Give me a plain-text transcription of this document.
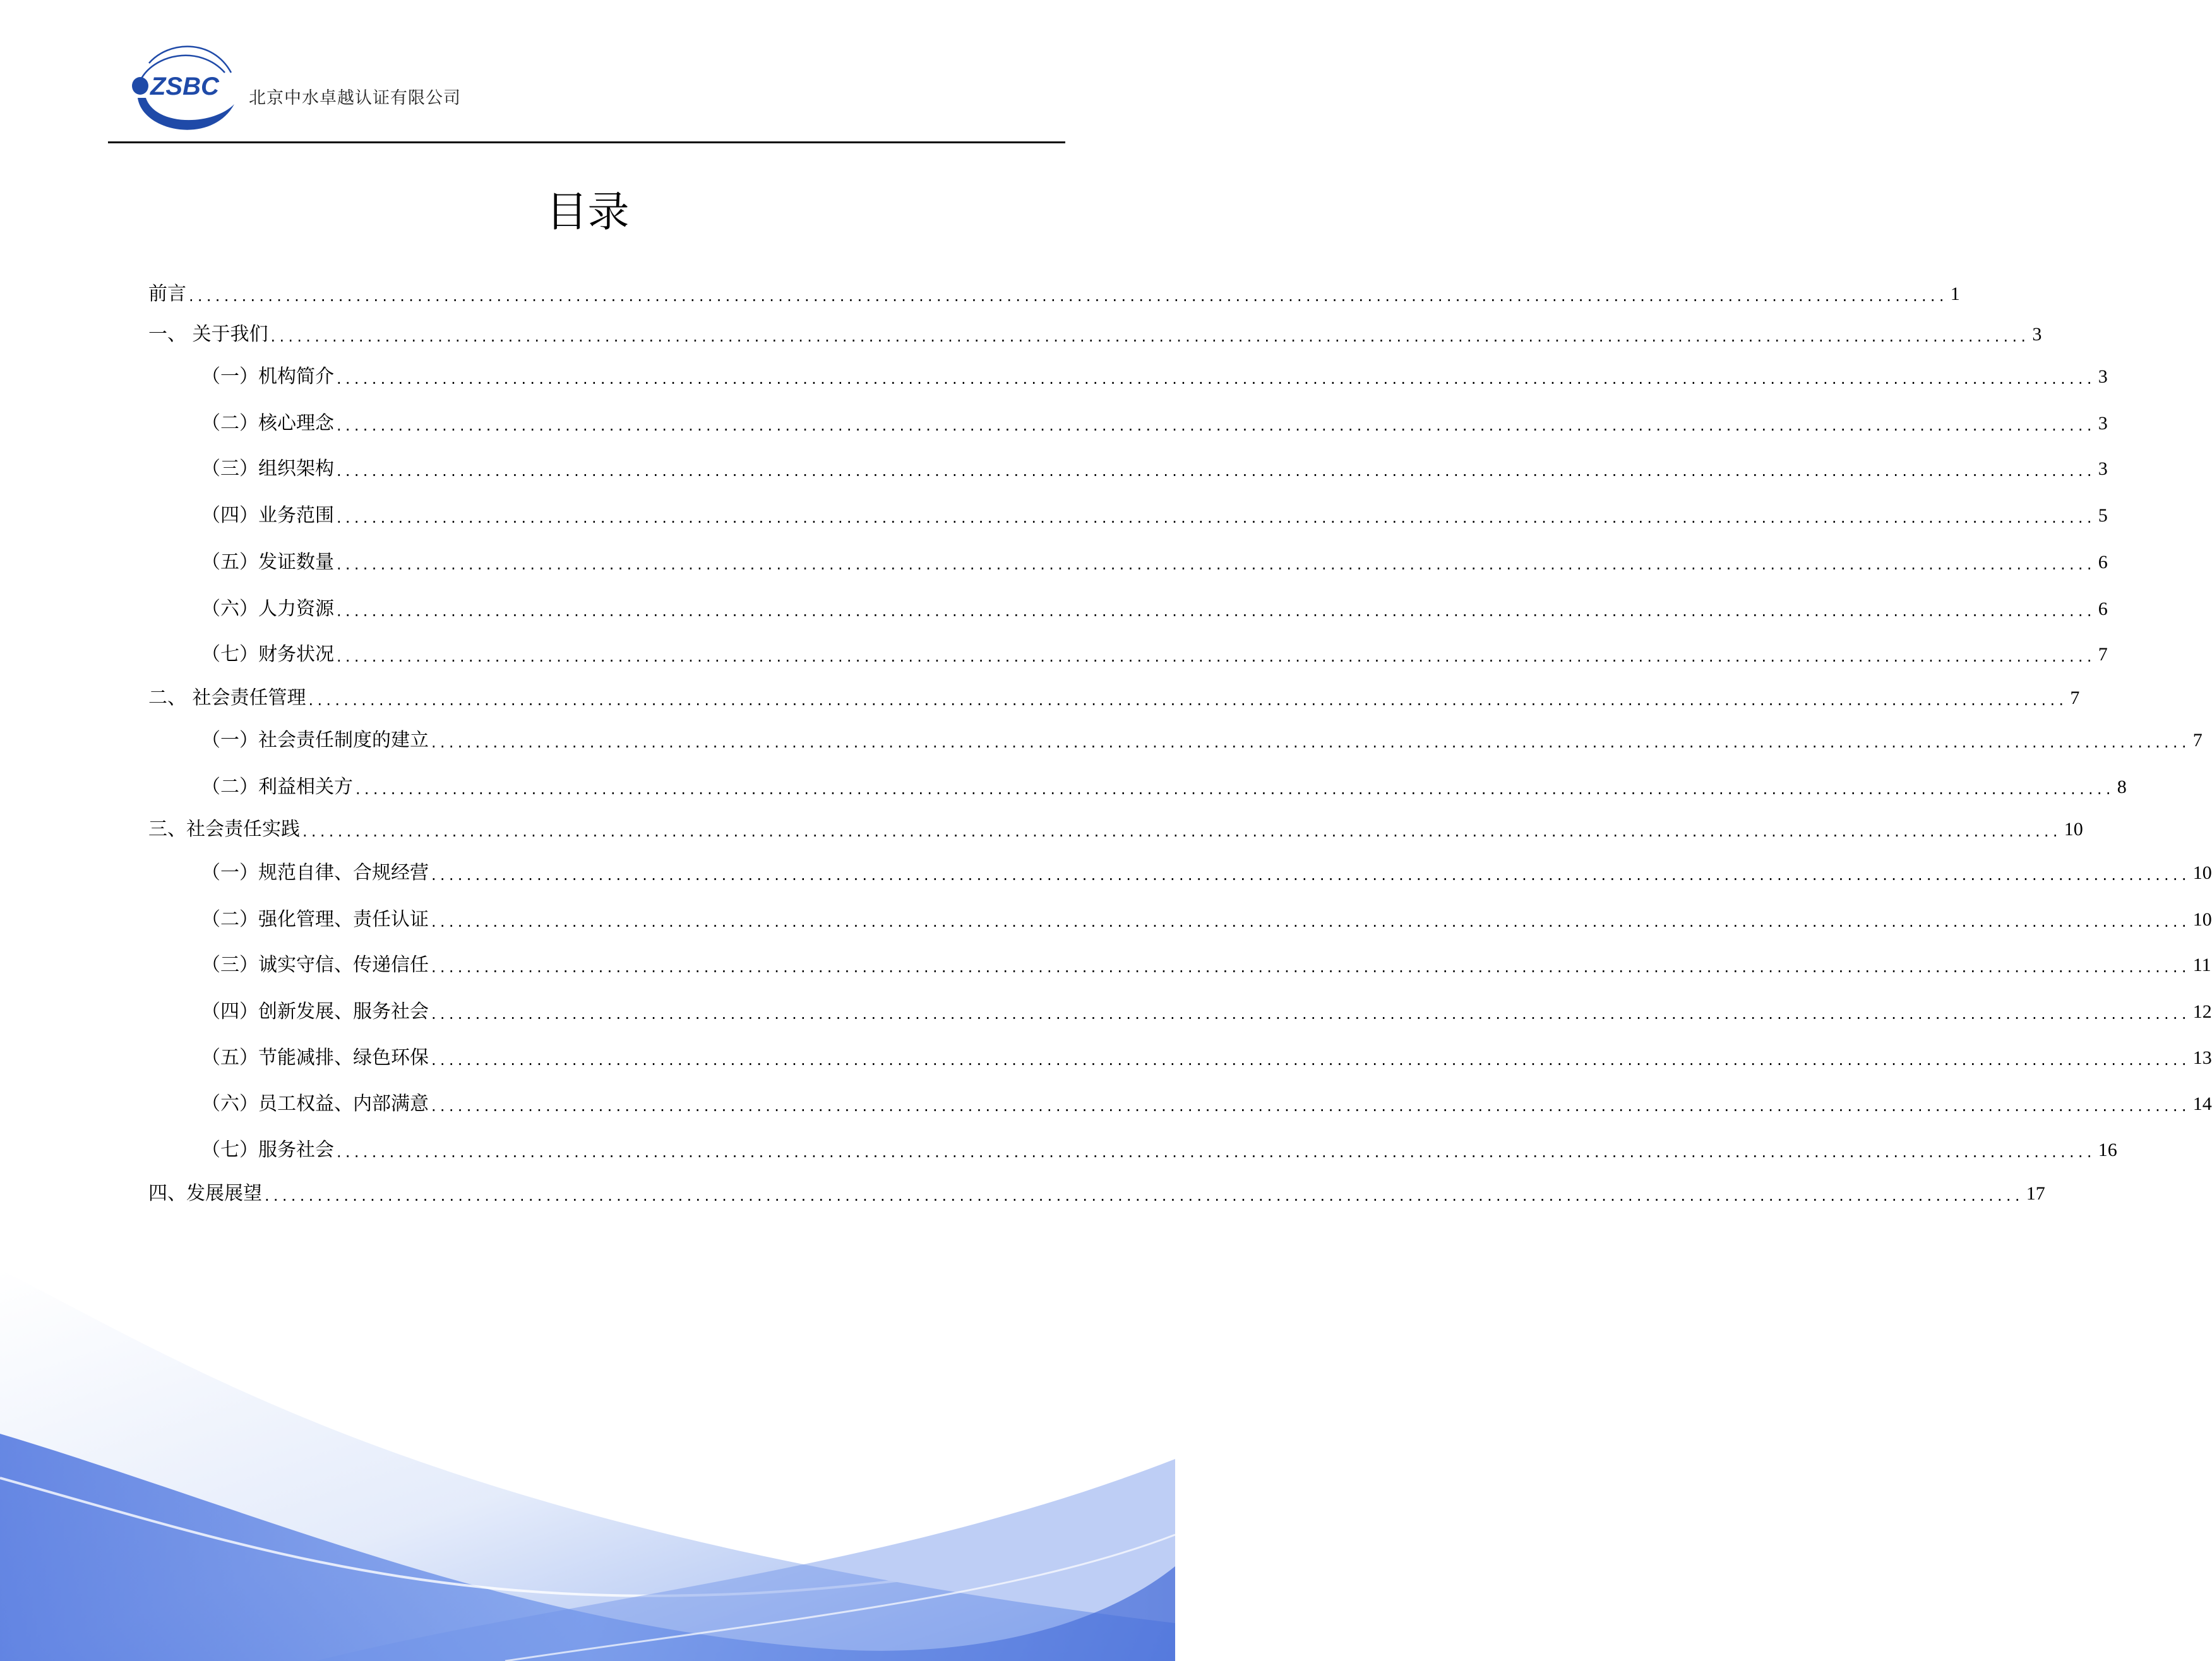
ZSBC 北京中水卓越认证有限公司
目录
前言 ........................................................................................................................................................................................................ 1
一、 关于我们 ........................................................................................................................................................................................................ 3
（一） 机构简介 ........................................................................................................................................................................................................ 3
（二） 核心理念 ........................................................................................................................................................................................................ 3
（三） 组织架构 ........................................................................................................................................................................................................ 3
（四） 业务范围 ........................................................................................................................................................................................................ 5
（五） 发证数量 ........................................................................................................................................................................................................ 6
（六） 人力资源 ........................................................................................................................................................................................................ 6
（七） 财务状况 ........................................................................................................................................................................................................ 7
二、 社会责任管理 ........................................................................................................................................................................................................ 7
（一） 社会责任制度的建立 ........................................................................................................................................................................................................ 7
（二） 利益相关方 ........................................................................................................................................................................................................ 8
三、社会责任实践 ........................................................................................................................................................................................................ 10
（一） 规范自律、合规经营 ........................................................................................................................................................................................................ 10
（二） 强化管理、责任认证 ........................................................................................................................................................................................................ 10
（三） 诚实守信、传递信任 ........................................................................................................................................................................................................ 11
（四） 创新发展、服务社会 ........................................................................................................................................................................................................ 12
（五） 节能减排、绿色环保 ........................................................................................................................................................................................................ 13
（六） 员工权益、内部满意 ........................................................................................................................................................................................................ 14
（七） 服务社会 ........................................................................................................................................................................................................ 16
四、发展展望 ........................................................................................................................................................................................................ 17
